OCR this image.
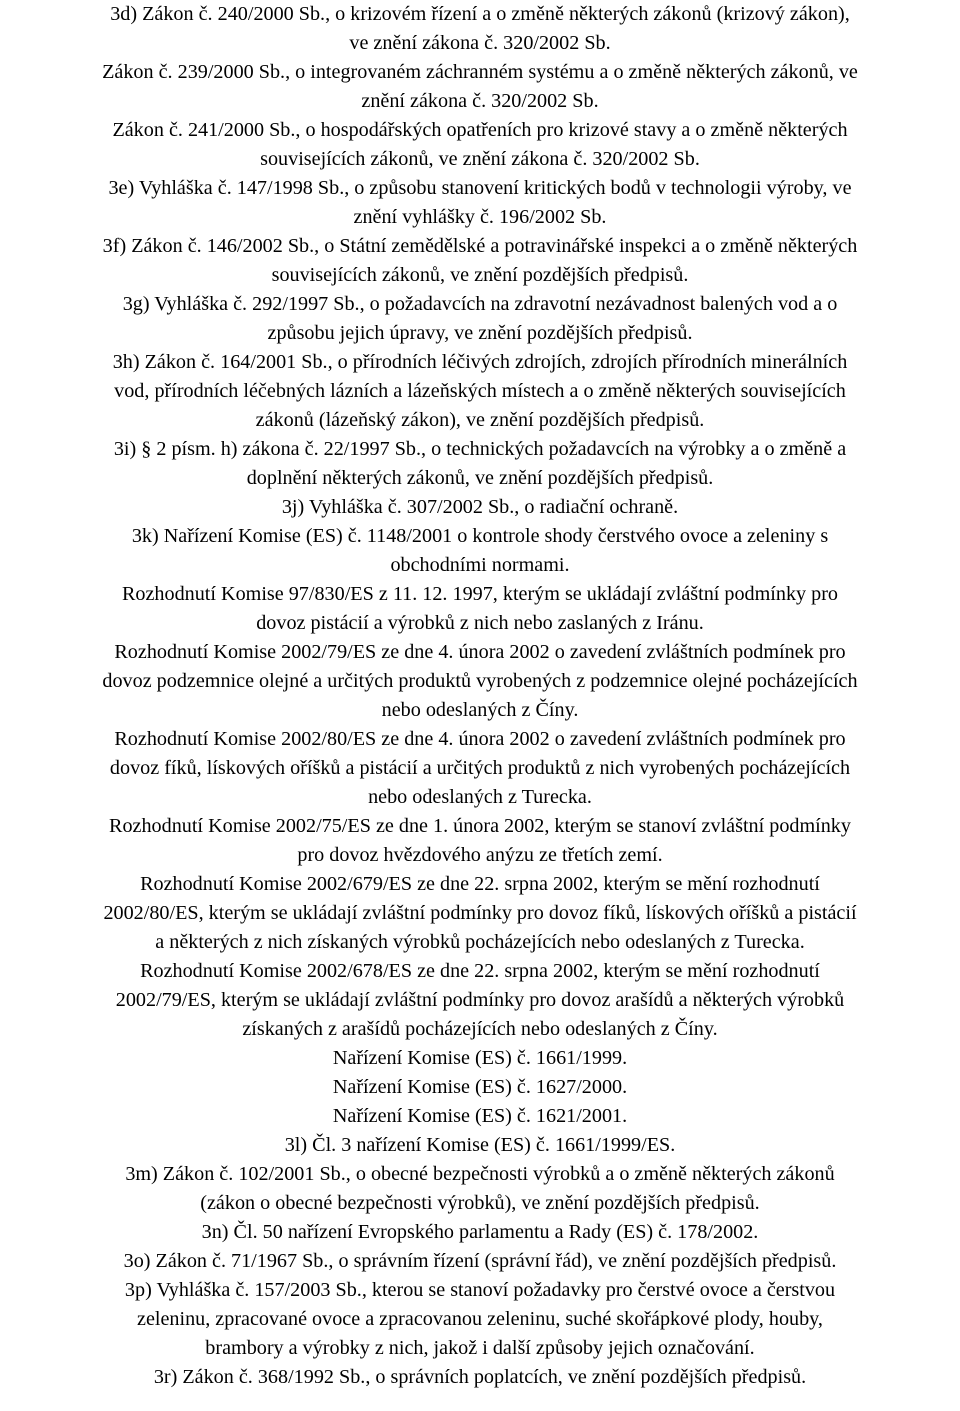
3d) Zákon č. 240/2000 Sb., o krizovém řízení a o změně některých zákonů (krizový zákon),

ve znění zákona č. 320/2002 Sb.

Zákon č. 239/2000 Sb., o integrovaném záchranném systému a o změně některých zákonů, ve

znění zákona č. 320/2002 Sb.

Zákon č. 241/2000 Sb., o hospodářských opatřeních pro krizové stavy a o změně některých

souvisejících zákonů, ve znění zákona č. 320/2002 Sb.

3e) Vyhláška č. 147/1998 Sb., o způsobu stanovení kritických bodů v technologii výroby, ve

znění vyhlášky č. 196/2002 Sb.

3f) Zákon č. 146/2002 Sb., o Státní zemědělské a potravinářské inspekci a o změně některých

souvisejících zákonů, ve znění pozdějších předpisů.

3g) Vyhláška č. 292/1997 Sb., o požadavcích na zdravotní nezávadnost balených vod a o

způsobu jejich úpravy, ve znění pozdějších předpisů.

3h) Zákon č. 164/2001 Sb., o přírodních léčivých zdrojích, zdrojích přírodních minerálních

vod, přírodních léčebných lázních a lázeňských místech a o změně některých souvisejících

zákonů (lázeňský zákon), ve znění pozdějších předpisů.

3i) § 2 písm. h) zákona č. 22/1997 Sb., o technických požadavcích na výrobky a o změně a

doplnění některých zákonů, ve znění pozdějších předpisů.

3j) Vyhláška č. 307/2002 Sb., o radiační ochraně.

3k) Nařízení Komise (ES) č. 1148/2001 o kontrole shody čerstvého ovoce a zeleniny s

obchodními normami.

Rozhodnutí Komise 97/830/ES z 11. 12. 1997, kterým se ukládají zvláštní podmínky pro

dovoz pistácií a výrobků z nich nebo zaslaných z Iránu.

Rozhodnutí Komise 2002/79/ES ze dne 4. února 2002 o zavedení zvláštních podmínek pro

dovoz podzemnice olejné a určitých produktů vyrobených z podzemnice olejné pocházejících

nebo odeslaných z Číny.

Rozhodnutí Komise 2002/80/ES ze dne 4. února 2002 o zavedení zvláštních podmínek pro

dovoz fíků, lískových oříšků a pistácií a určitých produktů z nich vyrobených pocházejících

nebo odeslaných z Turecka.

Rozhodnutí Komise 2002/75/ES ze dne 1. února 2002, kterým se stanoví zvláštní podmínky

pro dovoz hvězdového anýzu ze třetích zemí.

Rozhodnutí Komise 2002/679/ES ze dne 22. srpna 2002, kterým se mění rozhodnutí

2002/80/ES, kterým se ukládají zvláštní podmínky pro dovoz fíků, lískových oříšků a pistácií

a některých z nich získaných výrobků pocházejících nebo odeslaných z Turecka.

Rozhodnutí Komise 2002/678/ES ze dne 22. srpna 2002, kterým se mění rozhodnutí

2002/79/ES, kterým se ukládají zvláštní podmínky pro dovoz arašídů a některých výrobků

získaných z arašídů pocházejících nebo odeslaných z Číny.

Nařízení Komise (ES) č. 1661/1999.

Nařízení Komise (ES) č. 1627/2000.

Nařízení Komise (ES) č. 1621/2001.

3l) Čl. 3 nařízení Komise (ES) č. 1661/1999/ES.

3m) Zákon č. 102/2001 Sb., o obecné bezpečnosti výrobků a o změně některých zákonů

(zákon o obecné bezpečnosti výrobků), ve znění pozdějších předpisů.

3n) Čl. 50 nařízení Evropského parlamentu a Rady (ES) č. 178/2002.

3o) Zákon č. 71/1967 Sb., o správním řízení (správní řád), ve znění pozdějších předpisů.

3p) Vyhláška č. 157/2003 Sb., kterou se stanoví požadavky pro čerstvé ovoce a čerstvou

zeleninu, zpracované ovoce a zpracovanou zeleninu, suché skořápkové plody, houby,

brambory a výrobky z nich, jakož i další způsoby jejich označování.

3r) Zákon č. 368/1992 Sb., o správních poplatcích, ve znění pozdějších předpisů.
